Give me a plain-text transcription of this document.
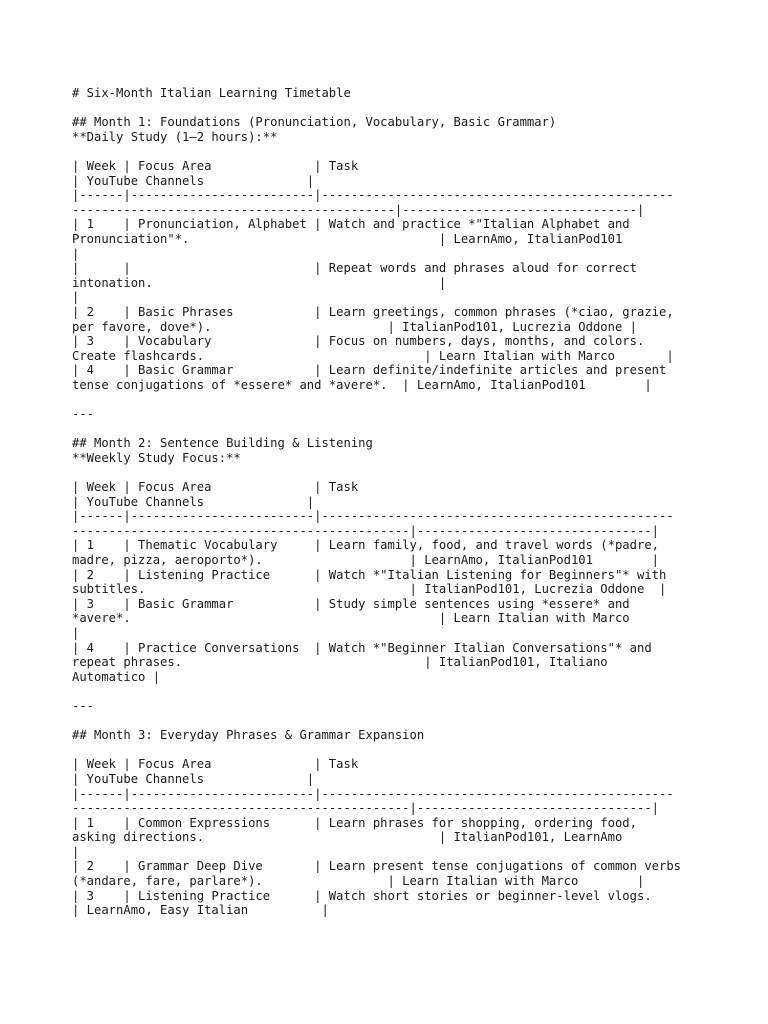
# Six-Month Italian Learning Timetable
## Month 1: Foundations (Pronunciation, Vocabulary, Basic Grammar)
**Daily Study (1–2 hours):**
| Week | Focus Area              | Task
| YouTube Channels              |
|------|-------------------------|------------------------------------------------
--------------------------------------------|--------------------------------|
| 1    | Pronunciation, Alphabet | Watch and practice *"Italian Alphabet and
Pronunciation"*.                                  | LearnAmo, ItalianPod101
|
|      |                         | Repeat words and phrases aloud for correct
intonation.                                       |
|
| 2    | Basic Phrases           | Learn greetings, common phrases (*ciao, grazie,
per favore, dove*).                        | ItalianPod101, Lucrezia Oddone |
| 3    | Vocabulary              | Focus on numbers, days, months, and colors.
Create flashcards.                              | Learn Italian with Marco       |
| 4    | Basic Grammar           | Learn definite/indefinite articles and present
tense conjugations of *essere* and *avere*.  | LearnAmo, ItalianPod101        |
---
## Month 2: Sentence Building & Listening
**Weekly Study Focus:**
| Week | Focus Area              | Task
| YouTube Channels              |
|------|-------------------------|------------------------------------------------
----------------------------------------------|--------------------------------|
| 1    | Thematic Vocabulary     | Learn family, food, and travel words (*padre,
madre, pizza, aeroporto*).                    | LearnAmo, ItalianPod101        |
| 2    | Listening Practice      | Watch *"Italian Listening for Beginners"* with
subtitles.                                    | ItalianPod101, Lucrezia Oddone  |
| 3    | Basic Grammar           | Study simple sentences using *essere* and
*avere*.                                          | Learn Italian with Marco
|
| 4    | Practice Conversations  | Watch *"Beginner Italian Conversations"* and
repeat phrases.                                 | ItalianPod101, Italiano
Automatico |
---
## Month 3: Everyday Phrases & Grammar Expansion
| Week | Focus Area              | Task
| YouTube Channels              |
|------|-------------------------|------------------------------------------------
----------------------------------------------|--------------------------------|
| 1    | Common Expressions      | Learn phrases for shopping, ordering food,
asking directions.                                | ItalianPod101, LearnAmo
|
| 2    | Grammar Deep Dive       | Learn present tense conjugations of common verbs
(*andare, fare, parlare*).                 | Learn Italian with Marco        |
| 3    | Listening Practice      | Watch short stories or beginner-level vlogs.
| LearnAmo, Easy Italian          |
